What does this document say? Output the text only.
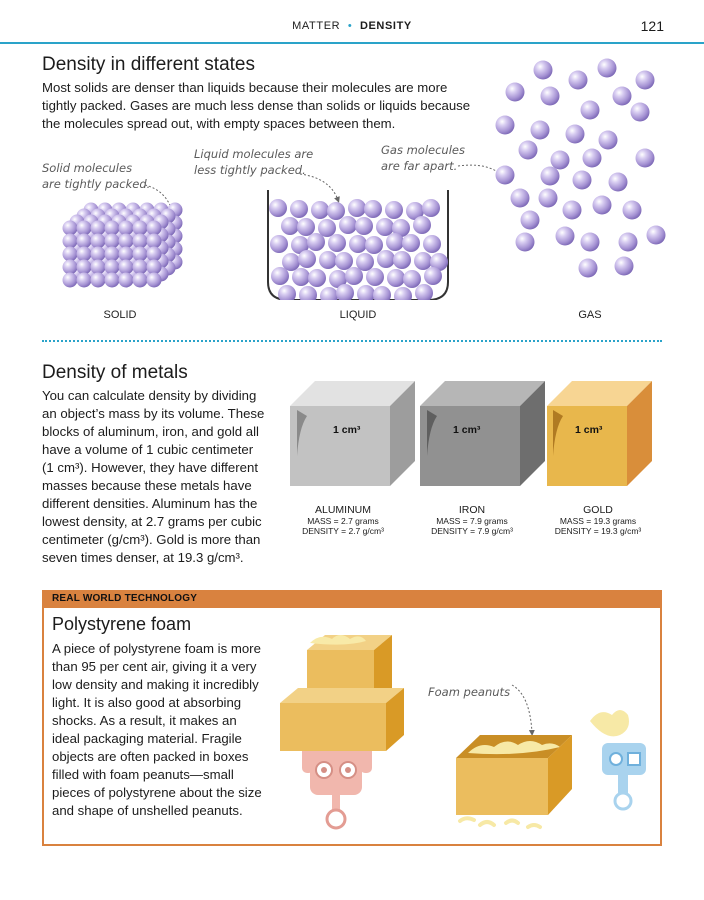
MATTER • DENSITY	121
Density in different states

Most solids are denser than liquids because their molecules are more

tightly packed. Gases are much less dense than solids or liquids because

the molecules spread out, with empty spaces between them.

Solid molecules
are tightly packed.
Liquid molecules are
less tightly packed.
Gas molecules
are far apart.
SOLID	LIQUID	GAS
Density of metals

You can calculate density by dividing

an object’s mass by its volume. These

blocks of aluminum, iron, and gold all

have a volume of 1 cubic centimeter

(1 cm³). However, they have different

masses because these metals have

different densities. Aluminum has the

lowest density, at 2.7 grams per cubic

centimeter (g/cm³). Gold is more than

seven times denser, at 19.3 g/cm³.

1 cm³	1 cm³	1 cm³
ALUMINUM
MASS = 2.7 grams
DENSITY = 2.7 g/cm³
IRON
MASS = 7.9 grams
DENSITY = 7.9 g/cm³
GOLD
MASS = 19.3 grams
DENSITY = 19.3 g/cm³
REAL WORLD TECHNOLOGY
Polystyrene foam

A piece of polystyrene foam is more

than 95 per cent air, giving it a very

low density and making it incredibly

light. It is also good at absorbing

shocks. As a result, it makes an

ideal packaging material. Fragile

objects are often packed in boxes

filled with foam peanuts—small

pieces of polystyrene about the size

and shape of unshelled peanuts.

Foam peanuts
